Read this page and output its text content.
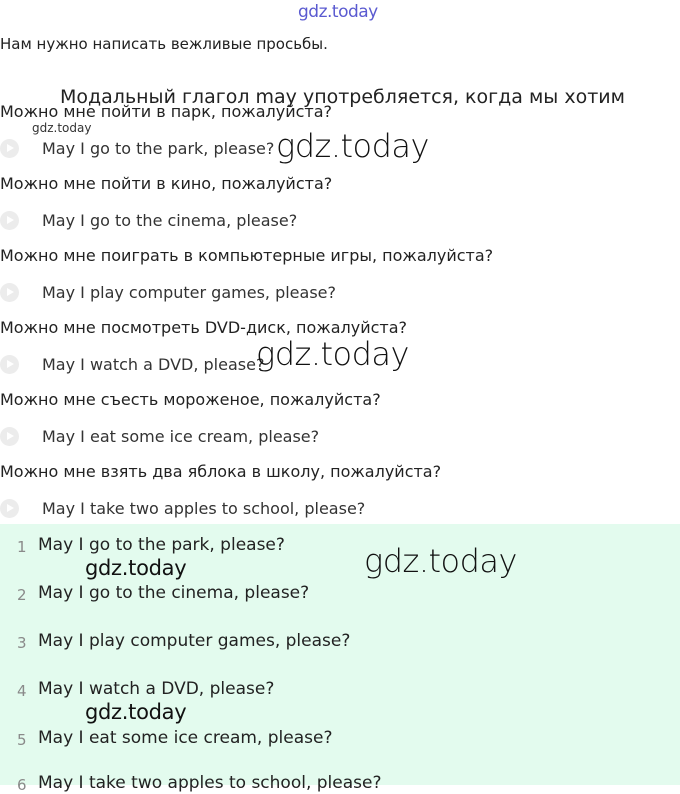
gdz.today
Нам нужно написать вежливые просьбы.
Модальный глагол may употребляется, когда мы хотим
Можно мне пойти в парк, пожалуйста?
gdz.today
May I go to the park, please? gdz.today
Можно мне пойти в кино, пожалуйста?
May I go to the cinema, please?
Можно мне поиграть в компьютерные игры, пожалуйста?
May I play computer games, please?
Можно мне посмотреть DVD-диск, пожалуйста?
May I watch a DVD, please?
gdz.today
Можно мне съесть мороженое, пожалуйста?
May I eat some ice cream, please?
Можно мне взять два яблока в школу, пожалуйста?
May I take two apples to school, please?
1 May I go to the park, please?
2 May I go to the cinema, please?
3 May I play computer games, please?
4 May I watch a DVD, please?
5 May I eat some ice cream, please?
6 May I take two apples to school, please?
gdz.today	gdz.today
gdz.today
